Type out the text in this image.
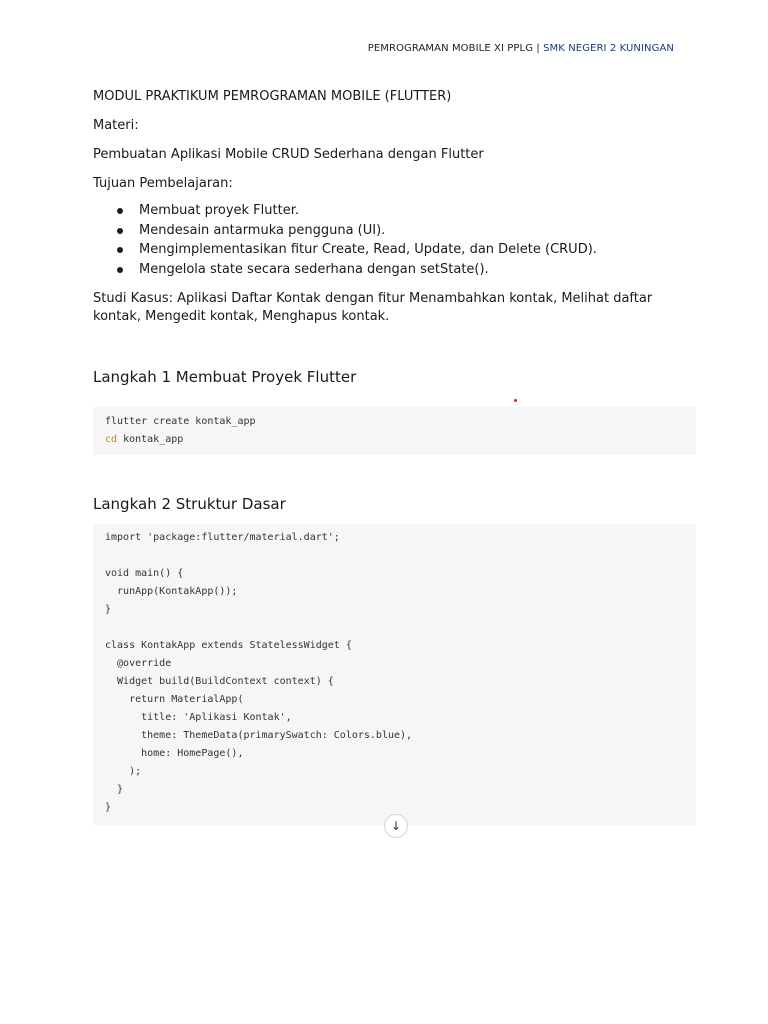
PEMROGRAMAN MOBILE XI PPLG | SMK NEGERI 2 KUNINGAN

MODUL PRAKTIKUM PEMROGRAMAN MOBILE (FLUTTER)

Materi:

Pembuatan Aplikasi Mobile CRUD Sederhana dengan Flutter

Tujuan Pembelajaran:

Membuat proyek Flutter.
Mendesain antarmuka pengguna (UI).
Mengimplementasikan fitur Create, Read, Update, dan Delete (CRUD).
Mengelola state secara sederhana dengan setState().

Studi Kasus: Aplikasi Daftar Kontak dengan fitur Menambahkan kontak, Melihat daftar kontak, Mengedit kontak, Menghapus kontak.

Langkah 1 Membuat Proyek Flutter
flutter create kontak_app
cd kontak_app
Langkah 2 Struktur Dasar
import 'package:flutter/material.dart';
void main() {
runApp(KontakApp());
}
class KontakApp extends StatelessWidget {
@override
Widget build(BuildContext context) {
return MaterialApp(
title: 'Aplikasi Kontak',
theme: ThemeData(primarySwatch: Colors.blue),
home: HomePage(),
);
}
}
↓
